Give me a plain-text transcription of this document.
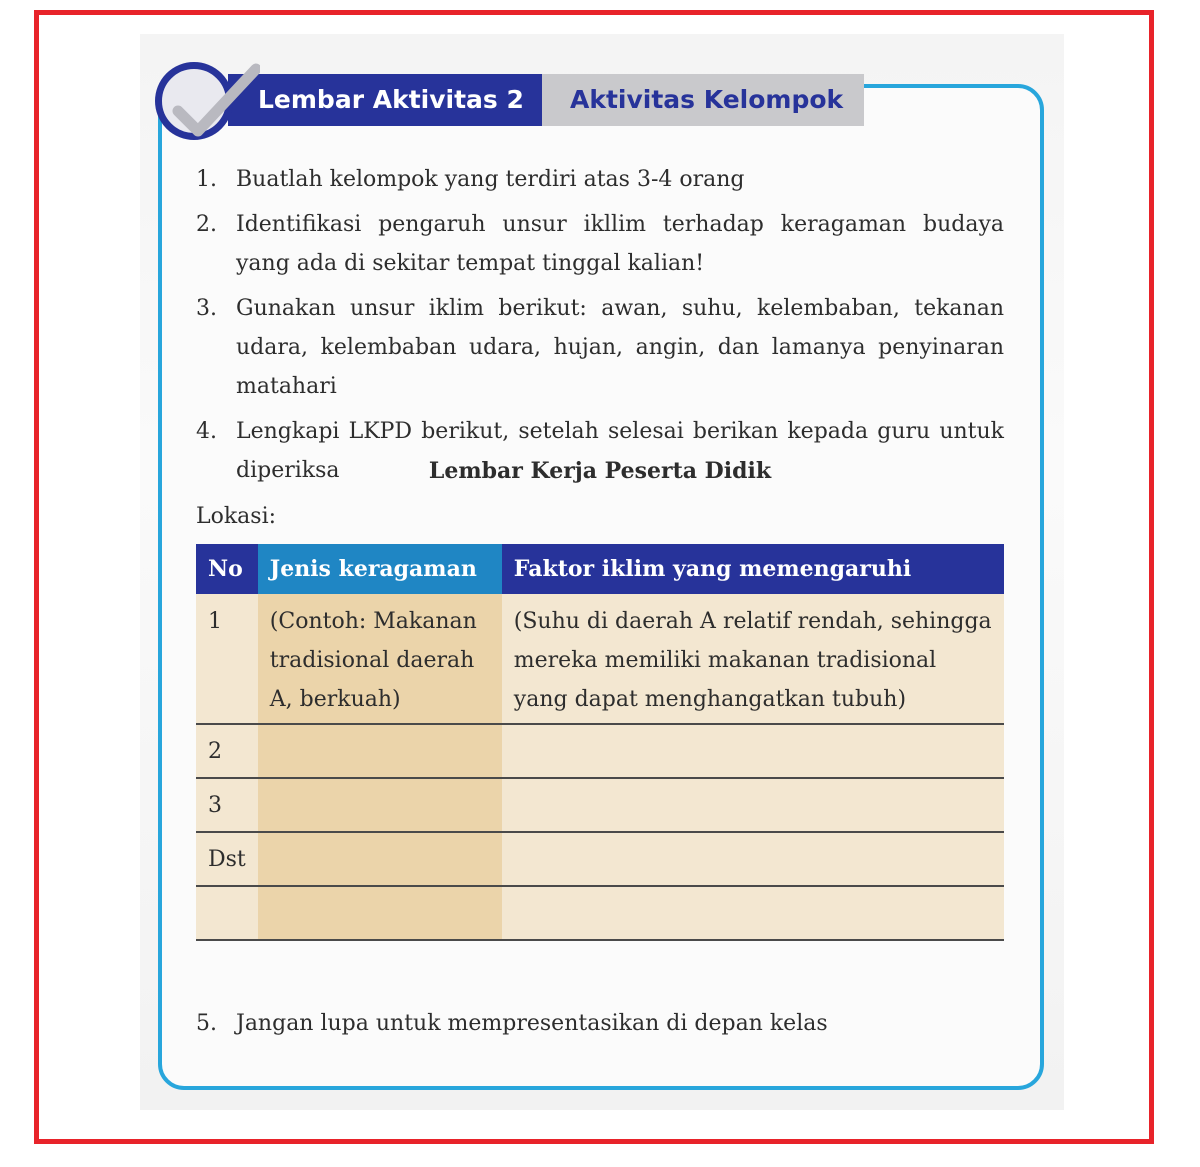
Lembar Aktivitas 2	Aktivitas Kelompok
1. Buatlah kelompok yang terdiri atas 3-4 orang
2. Identifikasi pengaruh unsur ikllim terhadap keragaman budaya yang ada di sekitar tempat tinggal kalian!
3. Gunakan unsur iklim berikut: awan, suhu, kelembaban, tekanan udara, kelembaban udara, hujan, angin, dan lamanya penyinaran matahari
4. Lengkapi LKPD berikut, setelah selesai berikan kepada guru untuk diperiksa	Lembar Kerja Peserta Didik
Lokasi:
No	Jenis keragaman	Faktor iklim yang memengaruhi
1	(Contoh: Makanan tradisional daerah A, berkuah)	(Suhu di daerah A relatif rendah, sehingga mereka memiliki makanan tradisional yang dapat menghangatkan tubuh)
2		
3		
Dst		

5. Jangan lupa untuk mempresentasikan di depan kelas
